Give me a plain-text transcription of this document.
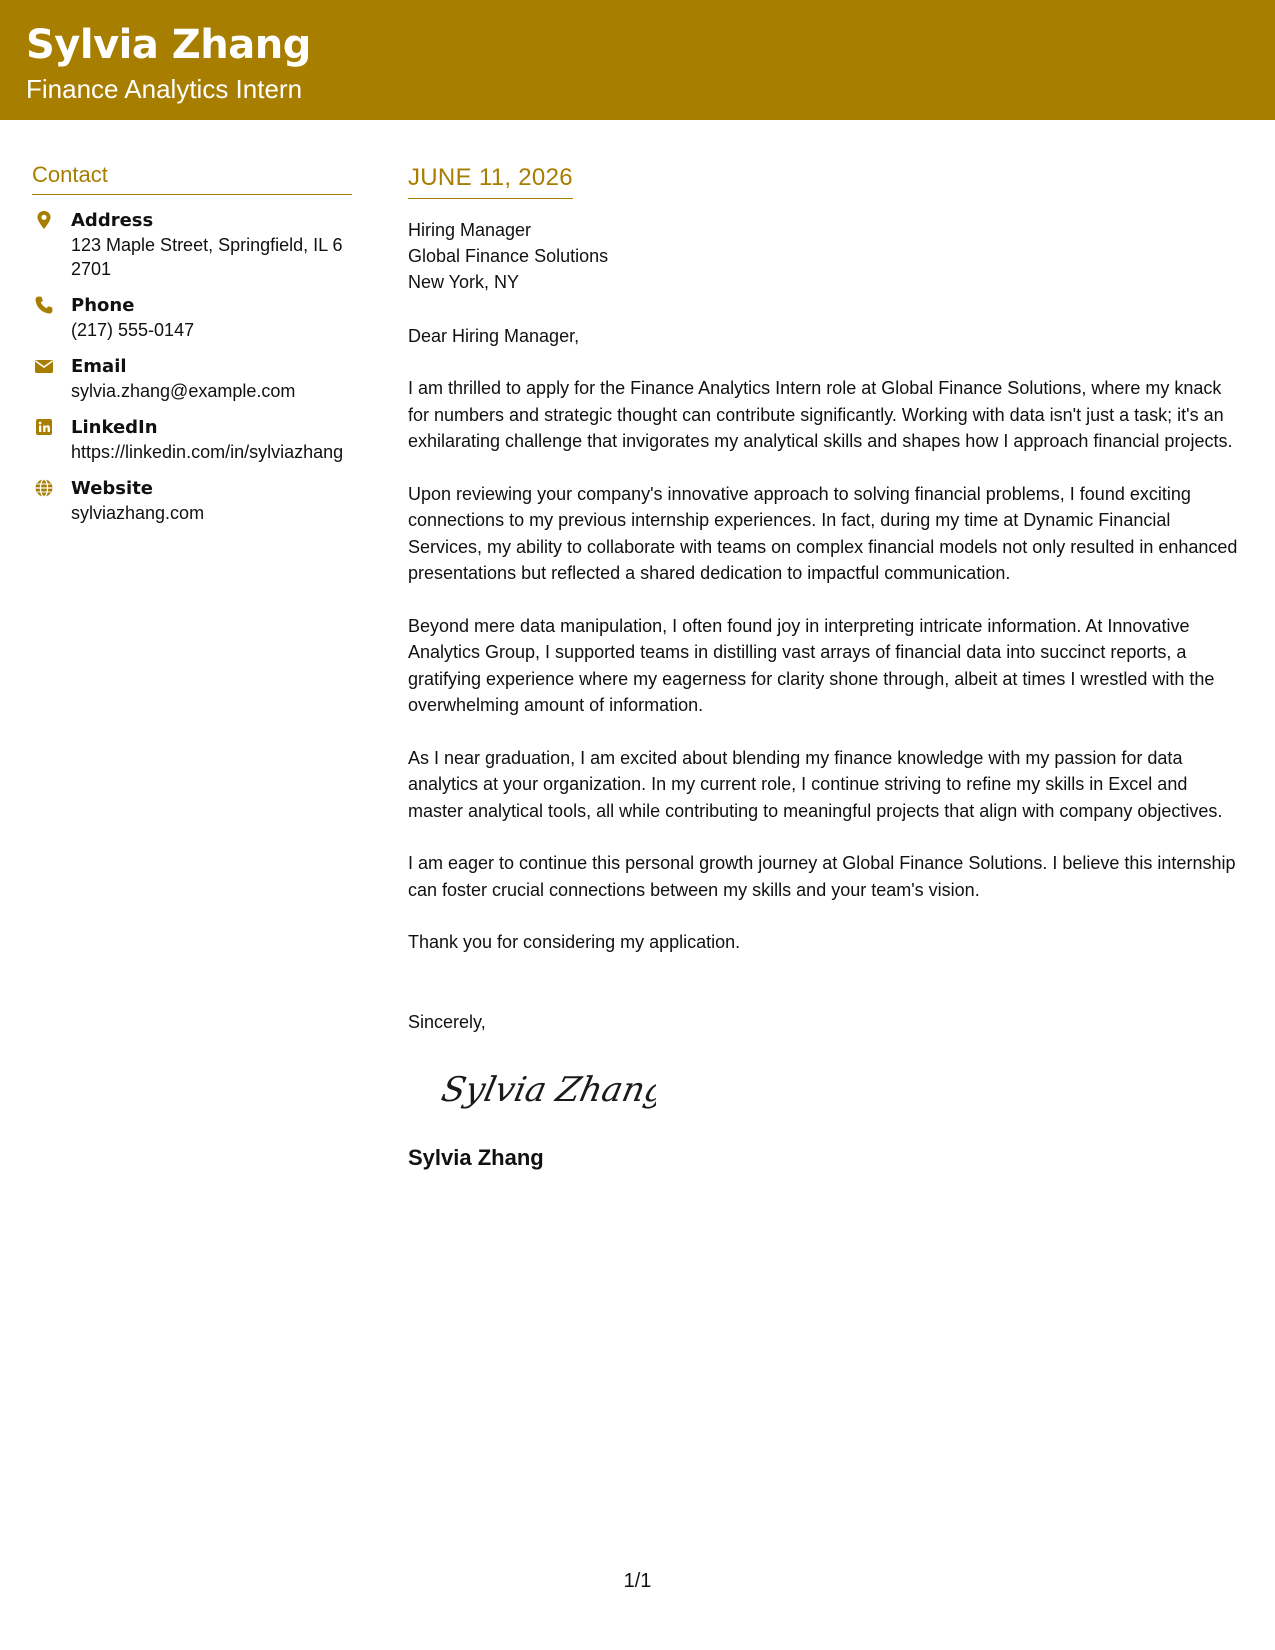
Sylvia Zhang
Finance Analytics Intern
Contact
Address
123 Maple Street, Springfield, IL 62701
Phone
(217) 555-0147
Email
sylvia.zhang@example.com
LinkedIn
https://linkedin.com/in/sylviazhang
Website
sylviazhang.com
JUNE 11, 2026
Hiring Manager
Global Finance Solutions
New York, NY
Dear Hiring Manager,
I am thrilled to apply for the Finance Analytics Intern role at Global Finance Solutions, where my knack for numbers and strategic thought can contribute significantly. Working with data isn't just a task; it's an exhilarating challenge that invigorates my analytical skills and shapes how I approach financial projects.
Upon reviewing your company's innovative approach to solving financial problems, I found exciting connections to my previous internship experiences. In fact, during my time at Dynamic Financial Services, my ability to collaborate with teams on complex financial models not only resulted in enhanced presentations but reflected a shared dedication to impactful communication.
Beyond mere data manipulation, I often found joy in interpreting intricate information. At Innovative Analytics Group, I supported teams in distilling vast arrays of financial data into succinct reports, a gratifying experience where my eagerness for clarity shone through, albeit at times I wrestled with the overwhelming amount of information.
As I near graduation, I am excited about blending my finance knowledge with my passion for data analytics at your organization. In my current role, I continue striving to refine my skills in Excel and master analytical tools, all while contributing to meaningful projects that align with company objectives.
I am eager to continue this personal growth journey at Global Finance Solutions. I believe this internship can foster crucial connections between my skills and your team's vision.
Thank you for considering my application.
Sincerely,
Sylvia Zhang
Sylvia Zhang
1/1
